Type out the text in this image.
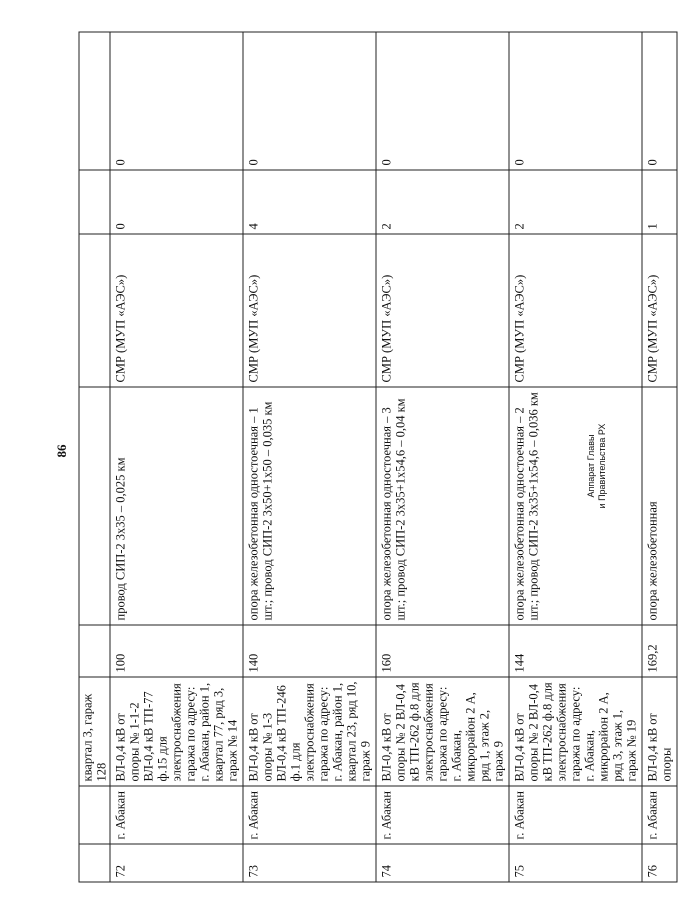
86
		квартал 3, гараж 128					
72	г. Абакан	ВЛ-0,4 кВ от опоры № 1-1-2 ВЛ-0,4 кВ ТП-77 ф.15 для электроснабжения гаража по адресу: г. Абакан, район 1, квартал 77, ряд 3, гараж № 14	100	провод СИП-2 3х35 – 0,025 км	СМР (МУП «АЭС»)	0	0
73	г. Абакан	ВЛ-0,4 кВ от опоры № 1-3 ВЛ-0,4 кВ ТП-246 ф.1 для электроснабжения гаража по адресу: г. Абакан, район 1, квартал 23, ряд 10, гараж 9	140	опора железобетонная одностоечная – 1 шт.; провод СИП-2 3х50+1х50 – 0,035 км	СМР (МУП «АЭС»)	4	0
74	г. Абакан	ВЛ-0,4 кВ от опоры № 2 ВЛ-0,4 кВ ТП-262 ф.8 для электроснабжения гаража по адресу: г. Абакан, микрорайон 2 А, ряд 1, этаж 2, гараж 9	160	опора железобетонная одностоечная – 3 шт.; провод СИП-2 3х35+1х54,6 – 0,04 км	СМР (МУП «АЭС»)	2	0
75	г. Абакан	ВЛ-0,4 кВ от опоры № 2 ВЛ-0,4 кВ ТП-262 ф.8 для электроснабжения гаража по адресу: г. Абакан, микрорайон 2 А, ряд 3, этаж 1, гараж № 19	144	опора железобетонная одностоечная – 2 шт.; провод СИП-2 3х35+1х54,6 – 0,036 км	СМР (МУП «АЭС»)	2	0
76	г. Абакан	ВЛ-0,4 кВ от опоры	169,2	опора железобетонная	СМР (МУП «АЭС»)	1	0
Аппарат Главы и Правительства РХ
